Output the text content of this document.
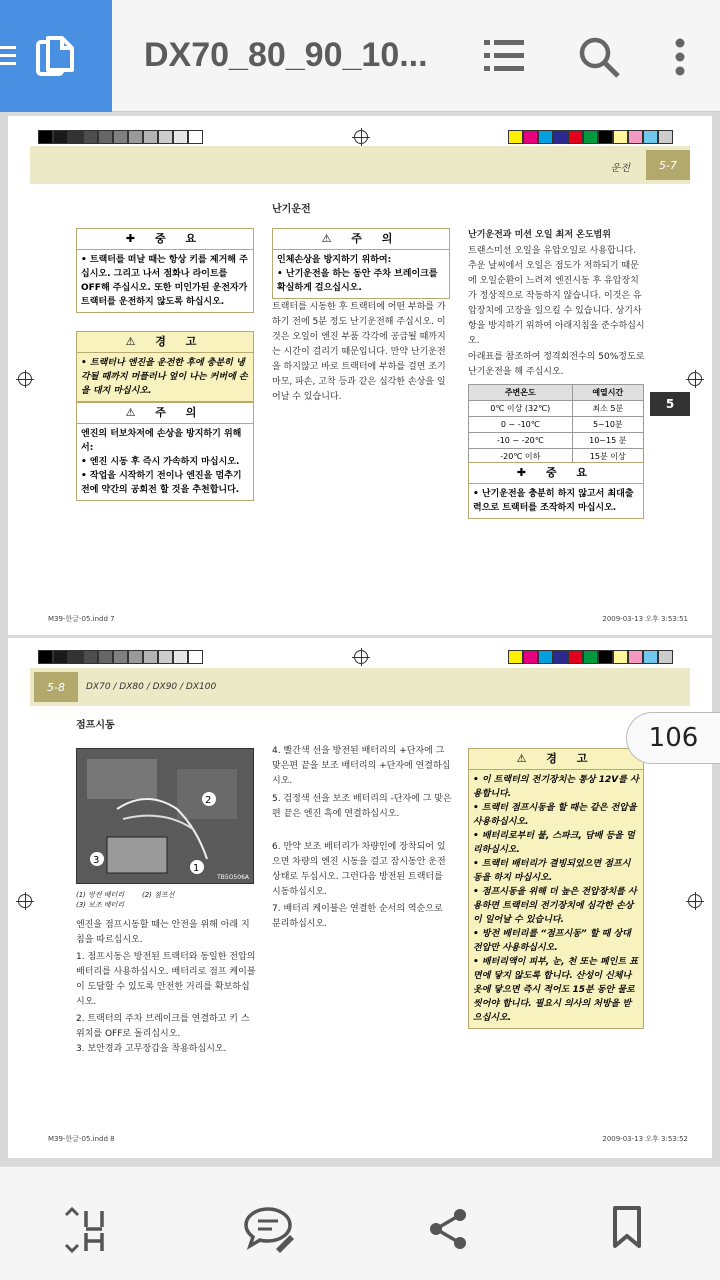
DX70_80_90_10...
운전	5-7
5
✚ 중 요
• 트랙터를 떠날 때는 항상 키를 제거해 주십시오. 그리고 나서 점화나 라이트를 OFF해 주십시오. 또한 미인가된 운전자가 트랙터를 운전하지 않도록 하십시오.
⚠ 경 고
• 트랙터나 엔진을 운전한 후에 충분히 냉각될 때까지 머플러나 엎이 나는 커버에 손을 대지 마십시오.
⚠ 주 의
엔진의 터보차저에 손상을 방지하기 위해서:
• 엔진 시동 후 즉시 가속하지 마십시오.
• 작업을 시작하기 전이나 엔진을 멈추기 전에 약간의 공회전 할 것을 추천합니다.
난기운전
⚠ 주 의
인체손상을 방지하기 위하여:
• 난기운전을 하는 동안 주차 브레이크를 확실하게 걸으십시오.
트랙터를 시동한 후 트랙터에 어떤 부하를 가하기 전에 5분 정도 난기운전해 주십시오. 이것은 오일이 엔진 부품 각각에 공급될 때까지는 시간이 걸리기 때문입니다. 만약 난기운전을 하지않고 바로 트랙터에 부하를 걸면 조기 마모, 파손, 고착 등과 같은 심각한 손상을 일어날 수 있습니다.
난기운전과 미션 오일 최저 온도범위
트랜스미션 오일을 유압오일로 사용합니다. 추운 날씨에서 오일은 점도가 저하되기 때문에 오일순환이 느려져 엔진시동 후 유압장치가 정상적으로 작동하지 않습니다. 이것은 유압장치에 고장을 일으킬 수 있습니다. 상기사항을 방지하기 위하여 아래지침을 준수하십시오.
아래표를 참조하여 정격회전수의 50%정도로 난기운전을 해 주십시오.
주변온도	예열시간
0℃ 이상 (32℃)	최소 5분
0 ~ -10℃	5~10분
-10 ~ -20℃	10~15 분
-20℃ 이하	15분 이상
✚ 중 요
• 난기운전을 충분히 하지 않고서 최대출력으로 트랙터를 조작하지 마십시오.
M39-한글-05.indd 7	2009-03-13 오후 3:53:51
DX70 / DX80 / DX90 / DX100
5-8
점프시동
2
1
3
TB5O506A
(1) 방전 배터리        (2) 점프선
(3) 보조 배터리
엔진을 점프시동할 때는 안전을 위해 아래 지침을 따르십시오.
1. 점프시동은 방전된 트랙터와 동일한 전압의 배터리를 사용하십시오. 배터리로 점프 케이블이 도달할 수 있도록 안전한 거리를 확보하십시오.
2. 트랙터의 주차 브레이크를 연결하고 키 스위치를 OFF로 돌리십시오.
3. 보안경과 고무장갑을 착용하십시오.
4. 빨간색 선을 방전된 배터리의 +단자에 그 맞은편 끝을 보조 배터리의 +단자에 연결하십시오.
5. 검정색 선을 보조 배터리의 -단자에 그 맞은편 끝은 엔진 흑에 연결하십시오.
6. 만약 보조 배터리가 차량인에 장착되어 있으면 차량의 엔진 시동을 걸고 잠시동안 운전 상태로 두십시오. 그런다음 방전된 트랙터를 시동하십시오.
7. 배터리 케이블은 연결한 순서의 역순으로 분리하십시오.
⚠ 경 고
• 이 트랙터의 전기장치는 통상 12V를 사용합니다.
• 트랙터 점프시동을 할 때는 같은 전압을 사용하십시오.
• 배터리로부터 불, 스파크, 담배 등을 멀리하십시오.
• 트랙터 배터리가 결빙되었으면 점프시동을 하지 마십시오.
• 점프시동을 위해 더 높은 전압장치를 사용하면 트랙터의 전기장치에 심각한 손상이 일어날 수 있습니다.
• 방전 배터리를 “점프시동” 할 때 상대 전압만 사용하십시오.
• 배터리액이 피부, 눈, 천 또는 페인트 표면에 닿지 않도록 합니다. 산성이 신체나 옷에 닿으면 즉시 적어도 15분 동안 물로 씻어야 합니다. 필요시 의사의 처방을 받으십시오.
M39-한글-05.indd 8	2009-03-13 오후 3:53:52
106
